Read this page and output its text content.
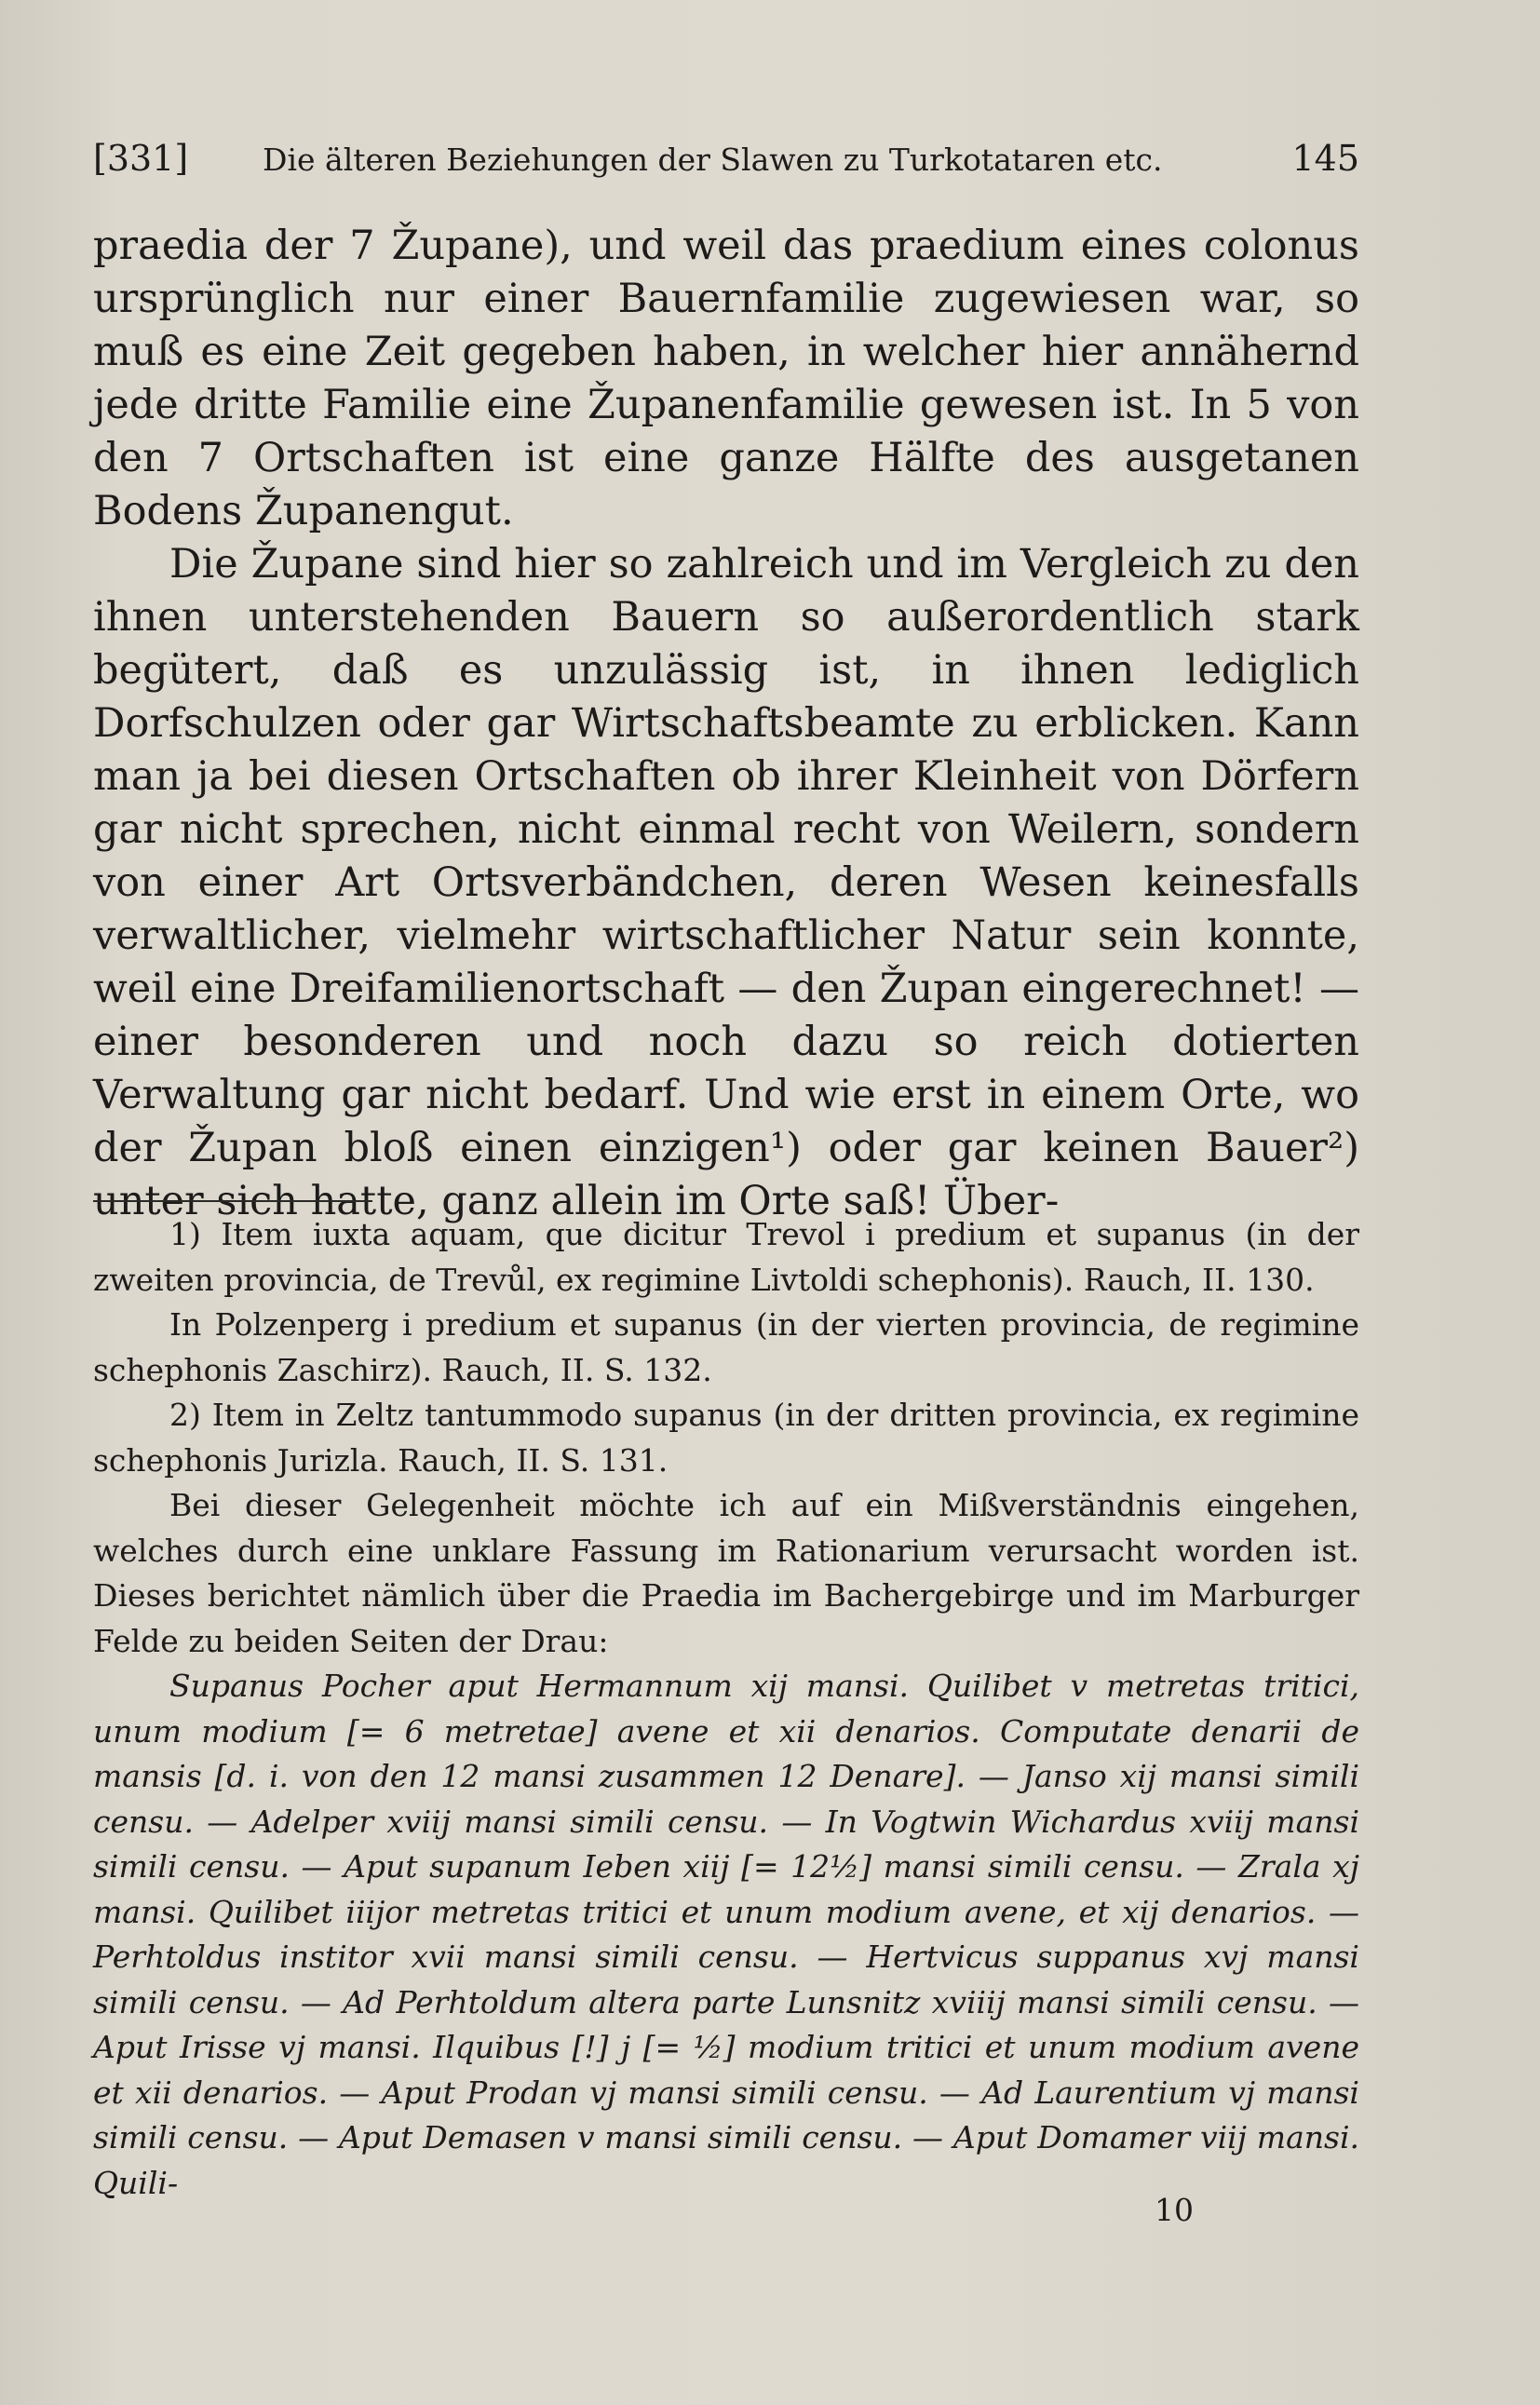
[331] Die älteren Beziehungen der Slawen zu Turkotataren etc.	145

praedia der 7 Župane), und weil das praedium eines colonus ursprünglich nur einer Bauernfamilie zugewiesen war, so muß es eine Zeit gegeben haben, in welcher hier annähernd jede dritte Familie eine Županenfamilie gewesen ist. In 5 von den 7 Ortschaften ist eine ganze Hälfte des ausgetanen Bodens Županengut.

Die Župane sind hier so zahlreich und im Vergleich zu den ihnen unterstehenden Bauern so außerordentlich stark begütert, daß es unzulässig ist, in ihnen lediglich Dorfschulzen oder gar Wirtschaftsbeamte zu erblicken. Kann man ja bei diesen Ortschaften ob ihrer Kleinheit von Dörfern gar nicht sprechen, nicht einmal recht von Weilern, sondern von einer Art Ortsverbändchen, deren Wesen keinesfalls verwaltlicher, vielmehr wirtschaftlicher Natur sein konnte, weil eine Dreifamilienortschaft — den Župan eingerechnet! — einer besonderen und noch dazu so reich dotierten Verwaltung gar nicht bedarf. Und wie erst in einem Orte, wo der Župan bloß einen einzigen¹) oder gar keinen Bauer²) unter sich hatte, ganz allein im Orte saß! Über-

1) Item iuxta aquam, que dicitur Trevol i predium et supanus (in der zweiten provincia, de Trevůl, ex regimine Livtoldi schephonis). Rauch, II. 130.

In Polzenperg i predium et supanus (in der vierten provincia, de regimine schephonis Zaschirz). Rauch, II. S. 132.

2) Item in Zeltz tantummodo supanus (in der dritten provincia, ex regimine schephonis Jurizla. Rauch, II. S. 131.

Bei dieser Gelegenheit möchte ich auf ein Mißverständnis eingehen, welches durch eine unklare Fassung im Rationarium verursacht worden ist. Dieses berichtet nämlich über die Praedia im Bachergebirge und im Marburger Felde zu beiden Seiten der Drau:

Supanus Pocher aput Hermannum xij mansi. Quilibet v metretas tritici, unum modium [= 6 metretae] avene et xii denarios. Computate denarii de mansis [d. i. von den 12 mansi zusammen 12 Denare]. — Janso xij mansi simili censu. — Adelper xviij mansi simili censu. — In Vogtwin Wichardus xviij mansi simili censu. — Aput supanum Ieben xiij [= 12½] mansi simili censu. — Zrala xj mansi. Quilibet iiijor metretas tritici et unum modium avene, et xij denarios. — Perhtoldus institor xvii mansi simili censu. — Hertvicus suppanus xvj mansi simili censu. — Ad Perhtoldum altera parte Lunsnitz xviiij mansi simili censu. — Aput Irisse vj mansi. Ilquibus [!] j [= ½] modium tritici et unum modium avene et xii denarios. — Aput Prodan vj mansi simili censu. — Ad Laurentium vj mansi simili censu. — Aput Demasen v mansi simili censu. — Aput Domamer viij mansi. Quili-

10
